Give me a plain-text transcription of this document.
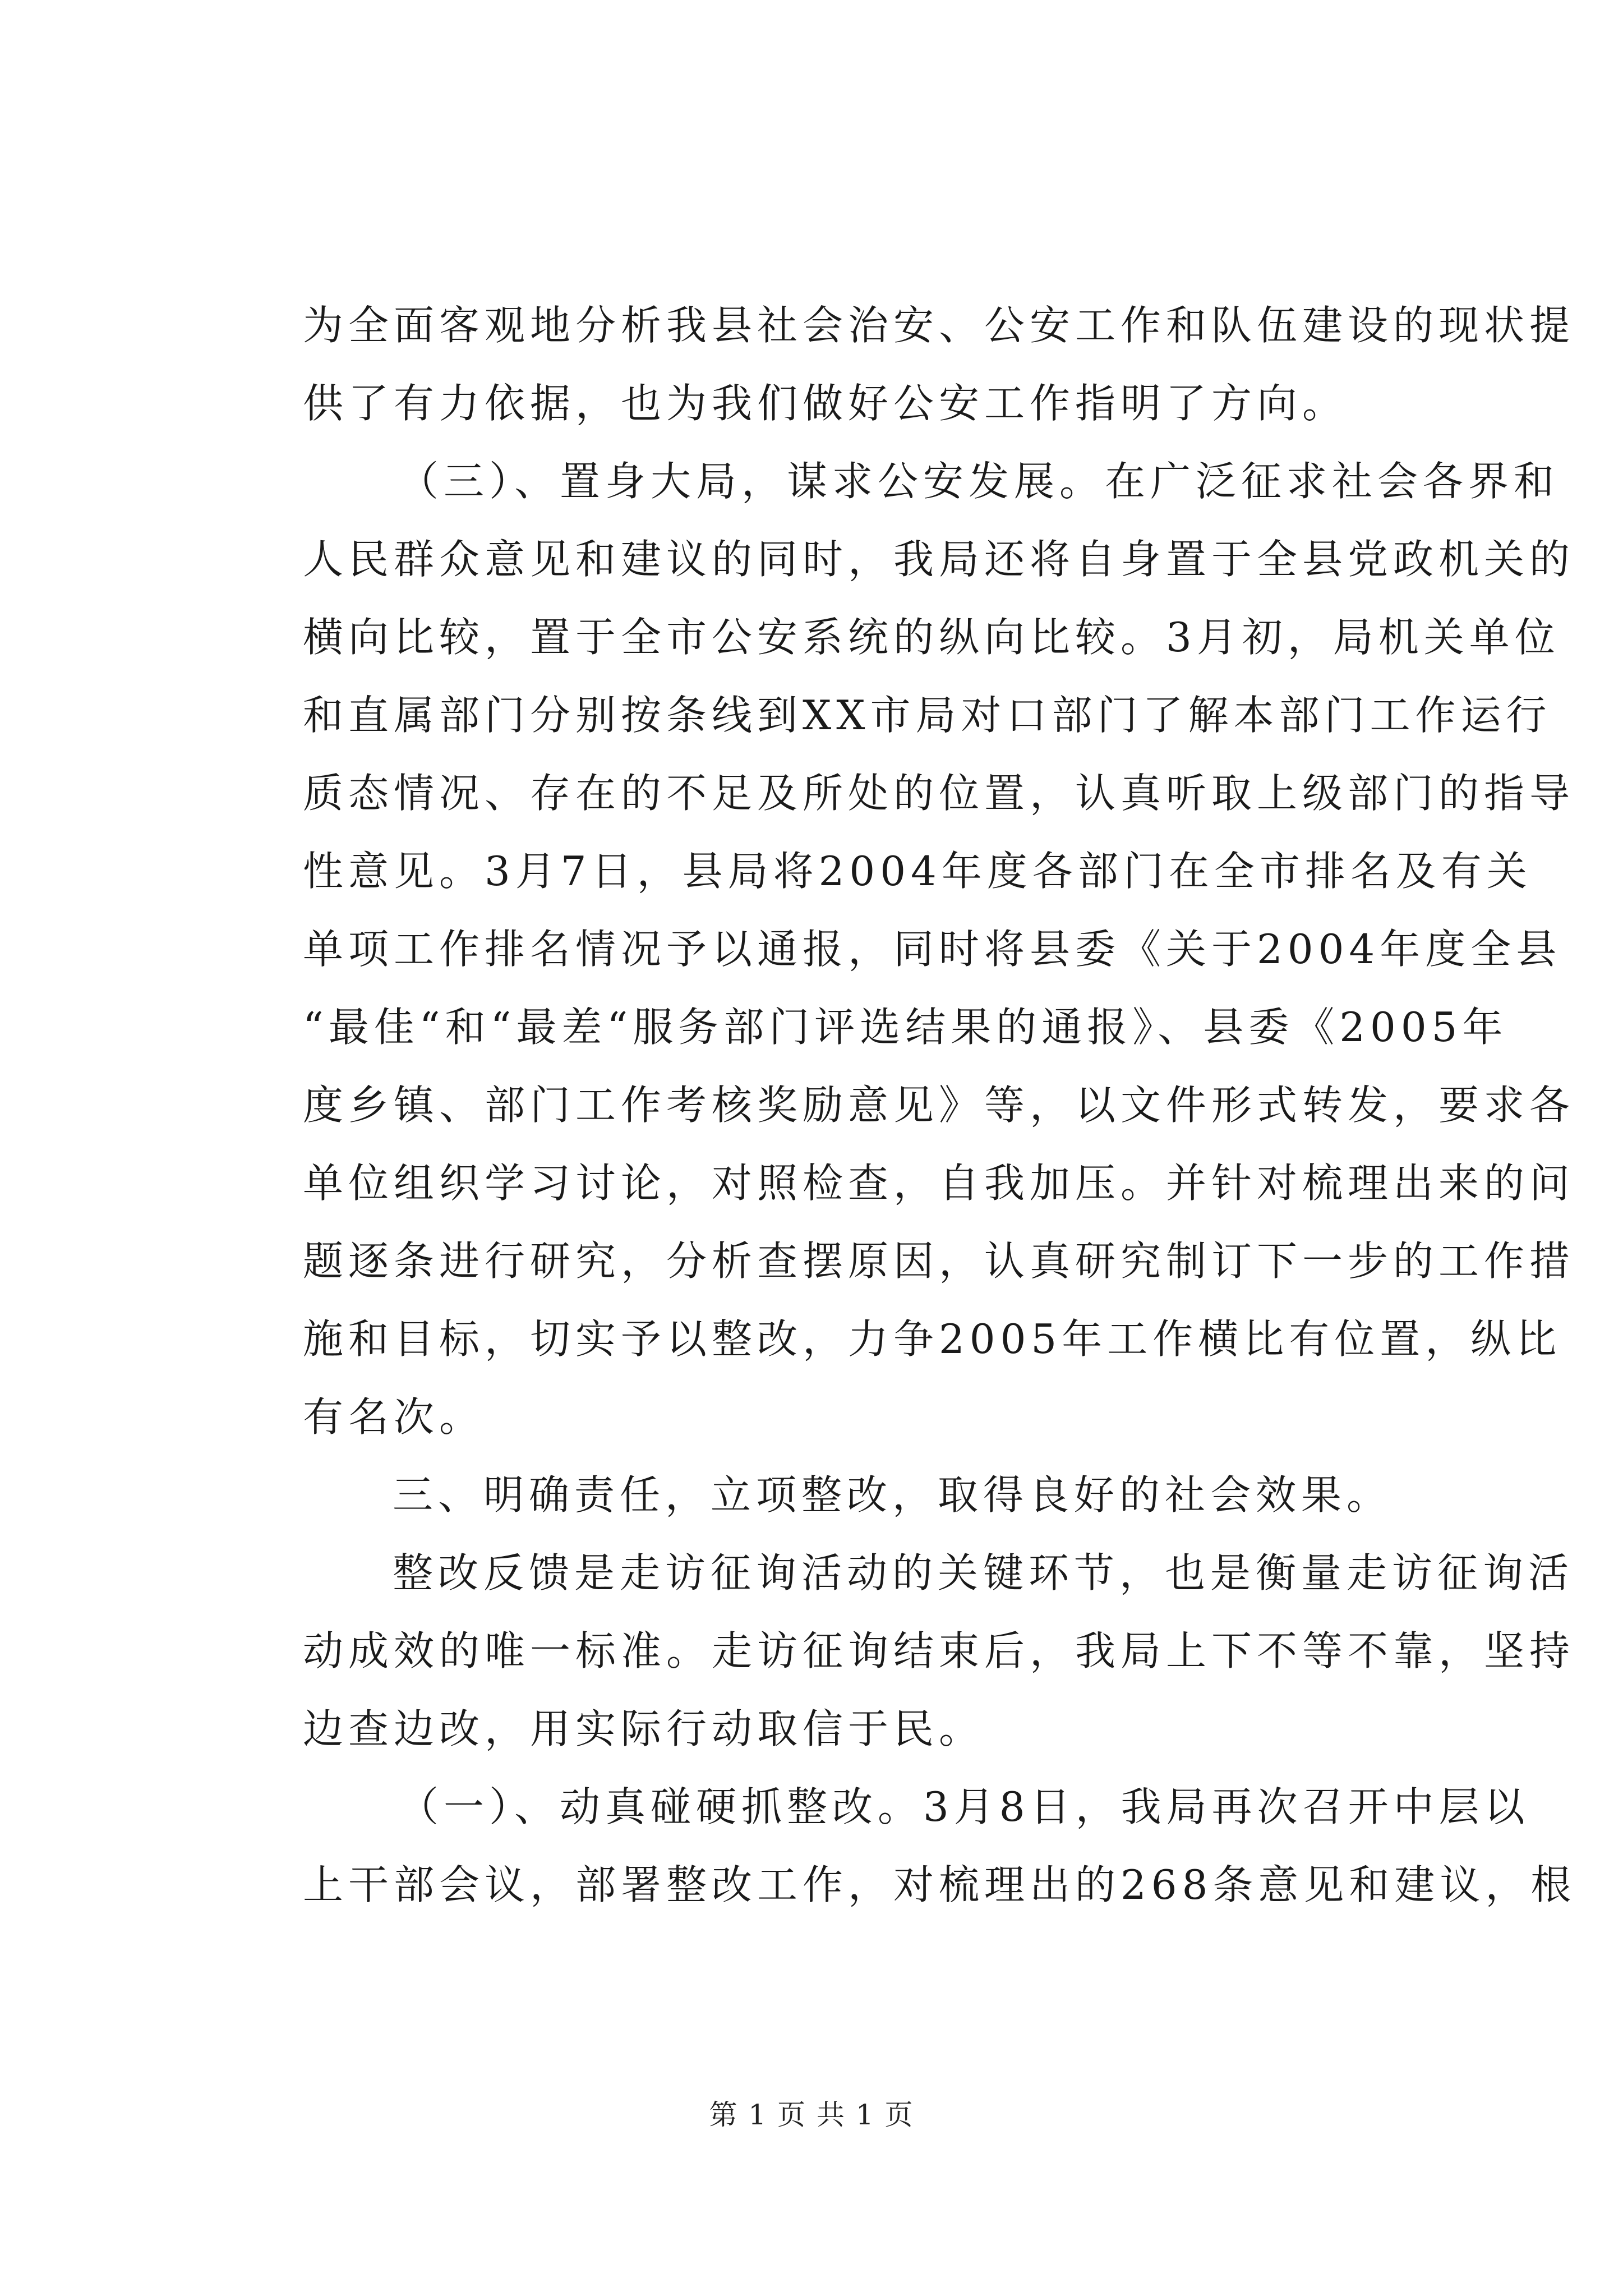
为全面客观地分析我县社会治安、公安工作和队伍建设的现状提
供了有力依据，也为我们做好公安工作指明了方向。
（三）、置身大局，谋求公安发展。在广泛征求社会各界和
人民群众意见和建议的同时，我局还将自身置于全县党政机关的
横向比较，置于全市公安系统的纵向比较。3月初，局机关单位
和直属部门分别按条线到XX市局对口部门了解本部门工作运行
质态情况、存在的不足及所处的位置，认真听取上级部门的指导
性意见。3月7日，县局将2004年度各部门在全市排名及有关
单项工作排名情况予以通报，同时将县委《关于2004年度全县
“最佳“和“最差“服务部门评选结果的通报》、县委《2005年
度乡镇、部门工作考核奖励意见》等，以文件形式转发，要求各
单位组织学习讨论，对照检查，自我加压。并针对梳理出来的问
题逐条进行研究，分析查摆原因，认真研究制订下一步的工作措
施和目标，切实予以整改，力争2005年工作横比有位置，纵比
有名次。
三、明确责任，立项整改，取得良好的社会效果。
整改反馈是走访征询活动的关键环节，也是衡量走访征询活
动成效的唯一标准。走访征询结束后，我局上下不等不靠，坚持
边查边改，用实际行动取信于民。
（一）、动真碰硬抓整改。3月8日，我局再次召开中层以
上干部会议，部署整改工作，对梳理出的268条意见和建议，根
第 1 页 共 1 页
